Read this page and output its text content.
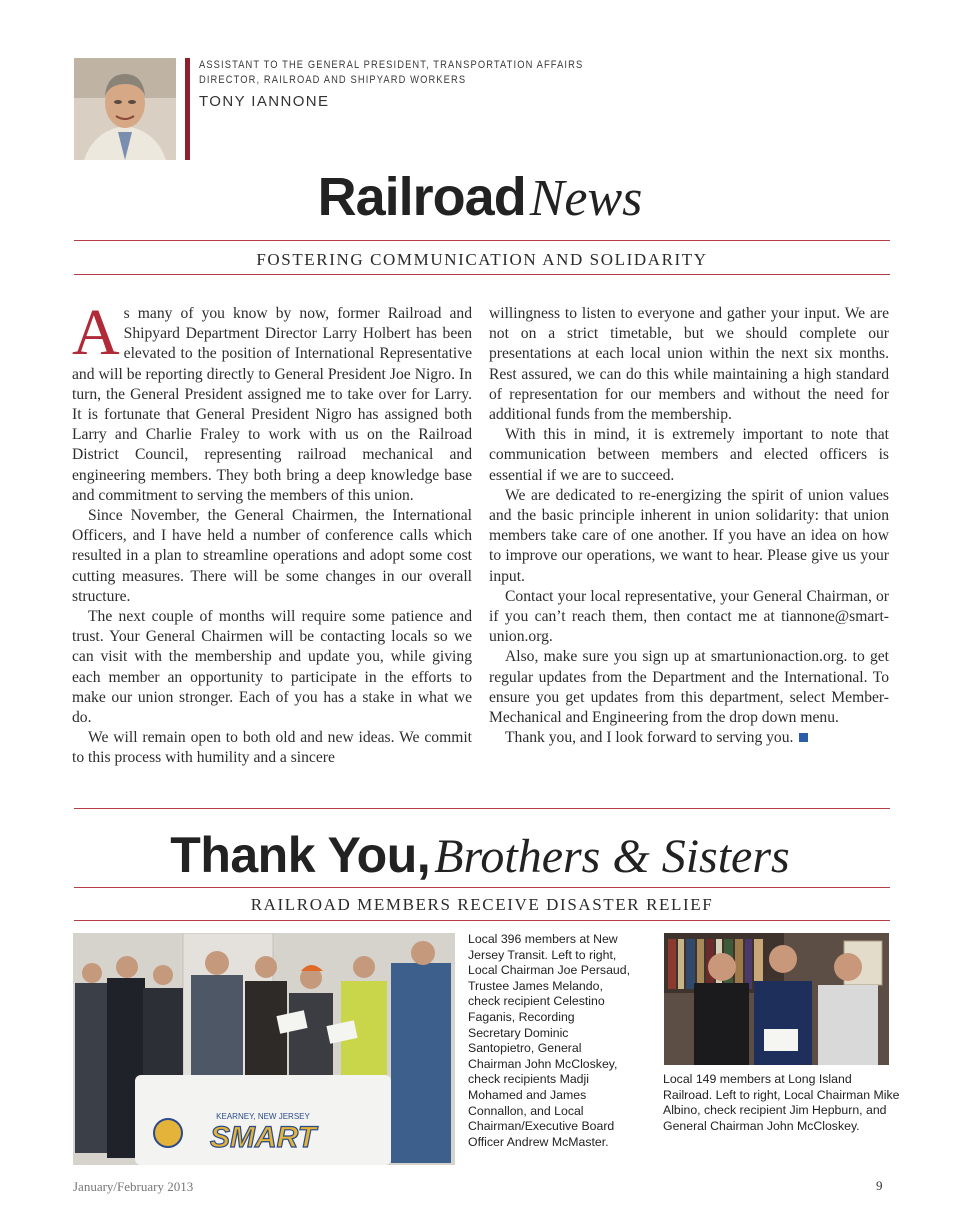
ASSISTANT TO THE GENERAL PRESIDENT, TRANSPORTATION AFFAIRS
DIRECTOR, RAILROAD AND SHIPYARD WORKERS
TONY IANNONE
Railroad News
FOSTERING COMMUNICATION AND SOLIDARITY

A s many of you know by now, former Railroad and Shipyard Department Director Larry Holbert has been elevated to the position of International Representative and will be reporting directly to General President Joe Nigro. In turn, the General President assigned me to take over for Larry. It is fortunate that General President Nigro has assigned both Larry and Charlie Fraley to work with us on the Railroad District Council, representing railroad mechanical and engineering members. They both bring a deep knowledge base and commitment to serving the members of this union.

Since November, the General Chairmen, the International Officers, and I have held a number of conference calls which resulted in a plan to streamline operations and adopt some cost cutting measures. There will be some changes in our overall structure.

The next couple of months will require some patience and trust. Your General Chairmen will be contacting locals so we can visit with the membership and update you, while giving each member an opportunity to participate in the efforts to make our union stronger. Each of you has a stake in what we do.

We will remain open to both old and new ideas. We commit to this process with humility and a sincere

willingness to listen to everyone and gather your input. We are not on a strict timetable, but we should complete our presentations at each local union within the next six months. Rest assured, we can do this while maintaining a high standard of representation for our members and without the need for additional funds from the membership.

With this in mind, it is extremely important to note that communication between members and elected officers is essential if we are to succeed.

We are dedicated to re-energizing the spirit of union values and the basic principle inherent in union solidarity: that union members take care of one another. If you have an idea on how to improve our operations, we want to hear. Please give us your input.

Contact your local representative, your General Chairman, or if you can’t reach them, then contact me at tiannone@smart-union.org.

Also, make sure you sign up at smartunionaction.org. to get regular updates from the Department and the International. To ensure you get updates from this department, select Member-Mechanical and Engineering from the drop down menu.

Thank you, and I look forward to serving you.

Thank You, Brothers & Sisters
RAILROAD MEMBERS RECEIVE DISASTER RELIEF
KEARNEY, NEW JERSEY
SMART
Local 396 members at New Jersey Transit. Left to right, Local Chairman Joe Persaud, Trustee James Melando, check recipient Celestino Faganis, Recording Secretary Dominic Santopietro, General Chairman John McCloskey, check recipients Madji Mohamed and James Connallon, and Local Chairman/Executive Board Officer Andrew McMaster.
Local 149 members at Long Island Railroad. Left to right, Local Chairman Mike Albino, check recipient Jim Hepburn, and General Chairman John McCloskey.
January/February 2013	9
